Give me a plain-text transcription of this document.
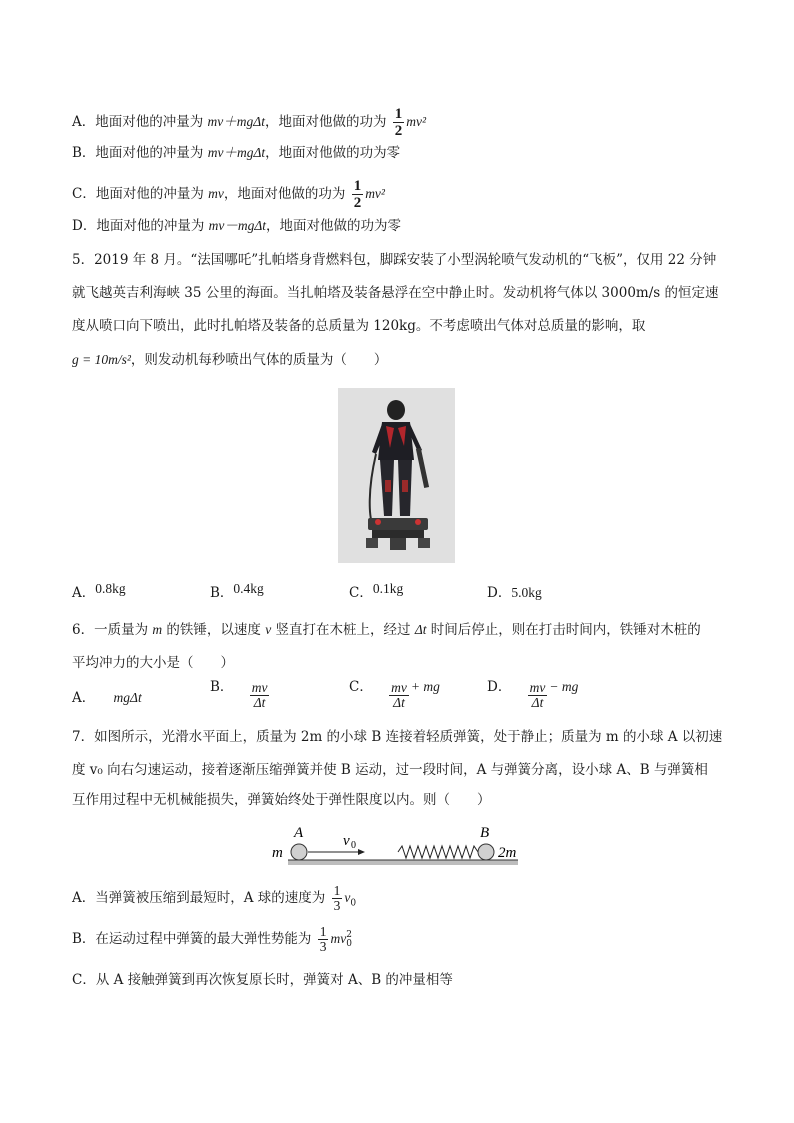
A．地面对他的冲量为 mv＋mgΔt，地面对他做的功为 $\frac{1}{2} mv^2$
B．地面对他的冲量为 mv＋mgΔt，地面对他做的功为零
C．地面对他的冲量为 mv，地面对他做的功为 $\frac{1}{2} mv^2$
D．地面对他的冲量为 mv－mgΔt，地面对他做的功为零
5．2019 年 8 月。“法国哪吒”扎帕塔身背燃料包，脚踩安装了小型涡轮喷气发动机的“飞板”，仅用 22 分钟
就飞越英吉利海峡 35 公里的海面。当扎帕塔及装备悬浮在空中静止时。发动机将气体以 3000m/s 的恒定速
度从喷口向下喷出，此时扎帕塔及装备的总质量为 120kg。不考虑喷出气体对总质量的影响，取
g = 10m/s²，则发动机每秒喷出气体的质量为（　　）
A．0.8kg	B．0.4kg	C．0.1kg	D．5.0kg
6．一质量为 m 的铁锤，以速度 v 竖直打在木桩上，经过 Δt 时间后停止，则在打击时间内，铁锤对木桩的
平均冲力的大小是（　　）
A． mgΔt
B． $\frac{mv}{\Delta t}$	C． $\frac{mv}{\Delta t}$ + mg	D． $\frac{mv}{\Delta t}$ − mg
7．如图所示，光滑水平面上，质量为 2m 的小球 B 连接着轻质弹簧，处于静止；质量为 m 的小球 A 以初速
度 v₀ 向右匀速运动，接着逐渐压缩弹簧并使 B 运动，过一段时间，A 与弹簧分离，设小球 A、B 与弹簧相
互作用过程中无机械能损失，弹簧始终处于弹性限度以内。则（　　）
A
m
v 0
B
2m
A．当弹簧被压缩到最短时，A 球的速度为 $\frac{1}{3} v_0$
B．在运动过程中弹簧的最大弹性势能为 $\frac{1}{3}$ mv 2
0
C．从 A 接触弹簧到再次恢复原长时，弹簧对 A、B 的冲量相等
